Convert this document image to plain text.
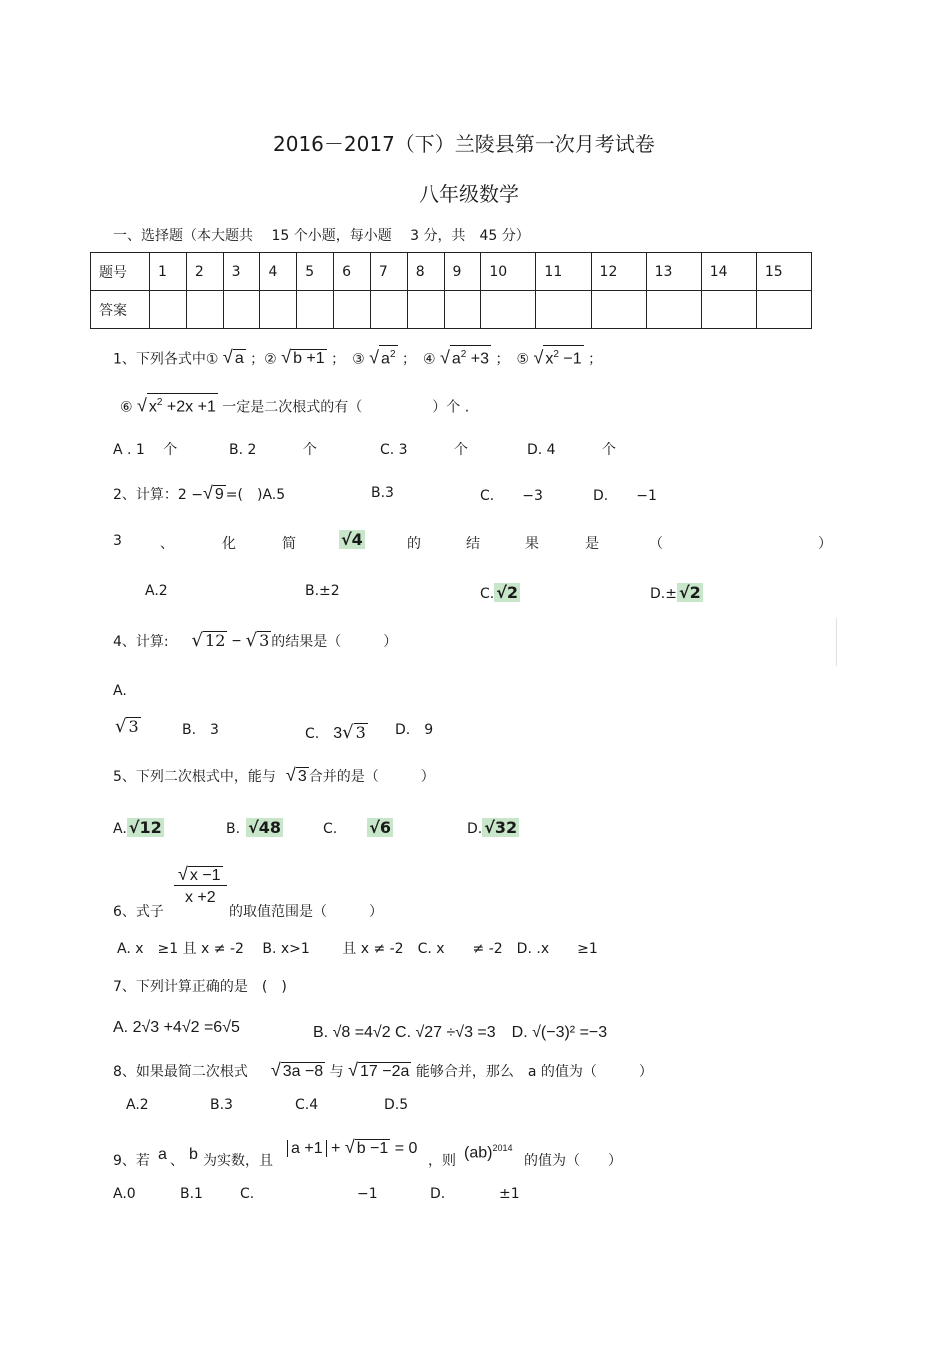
2016－2017（下）兰陵县第一次月考试卷
八年级数学
一、选择题（本大题共　 15 个小题，每小题　 3 分，共　45 分）
题号	1	2	3	4	5	6	7	8	9	10	11	12	13	14	15
答案															
1、下列各式中① √ a ；② √ b +1 ；　③ √ $a^2$ ；　④ √ $a^2 +3$ ；　⑤ √ $x^2 -1$ ；
⑥ √ $x^2 +2x +1$ 一定是二次根式的有（　　　　　）个 .
A . 1　 个	B. 2　　　 个	C. 3　　　 个	D. 4　　　 个
2、计算：2 −√ 9 =(　)A.5	B.3	C.　　−3	D.　　−1
3	、	化	简	√4	的	结	果	是	（	）
A.2	B.±2	C. √2	D.± √2
4、计算: √ 12 − √ 3 的结果是（　　　）
A.
√ 3	B.　3	C.　 3√ 3 D.　9
5、下列二次根式中，能与 √ 3 合并的是（　　　）
A. √12	B. √48	C. √6	D. √32
$\frac{√ x -1}{x +2}$
6、式子	的取值范围是（　　　）
A. x　≥1 且 x ≠ -2　 B. x>1　　 且 x ≠ -2　C. x　　≠ -2　D. .x　　≥1
7、下列计算正确的是　(　)
A. 2√3 +4√2 =6√5	B. √8 =4√2 C. √27 ÷√3 =3　D. √(−3)² =−3
8、如果最简二次根式 √ 3a −8 与 √ 17 −2a 能够合并，那么　a 的值为（　　　）
A.2	B.3	C.4	D.5
9、若 a 、 b 为实数，且
a +1 + √ b −1 = 0
，则 (ab)$^{2014}$
的值为（　　）
A.0	B.1	C.	−1	D.	±1
